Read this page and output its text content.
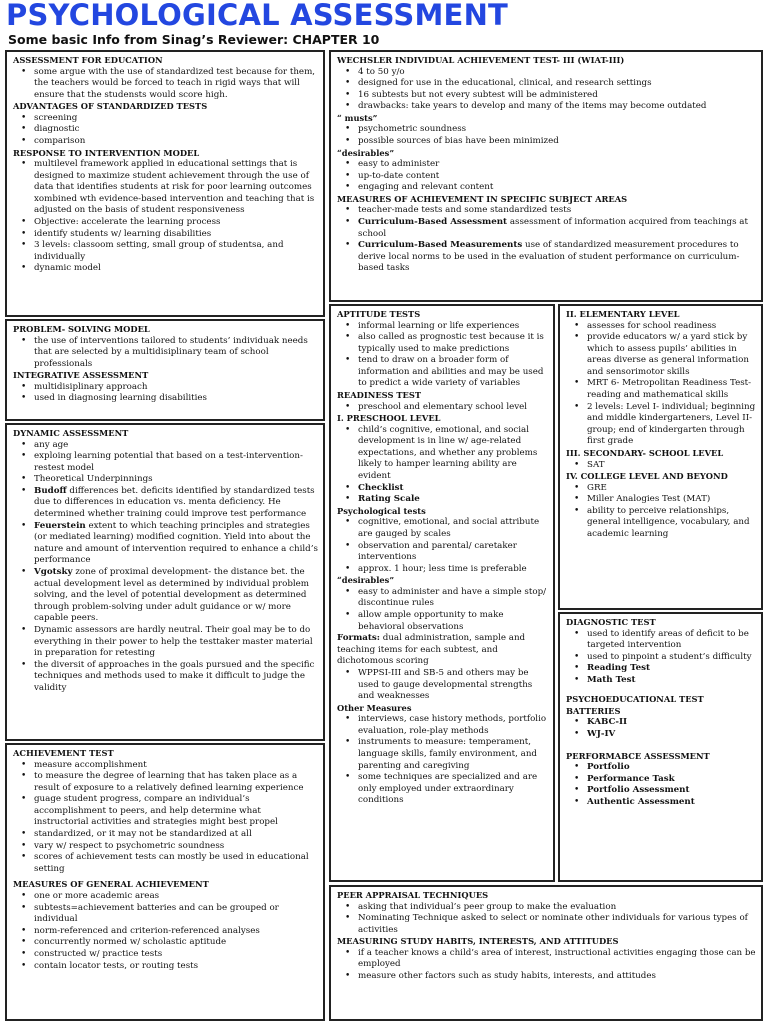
PSYCHOLOGICAL ASSESSMENT
Some basic Info from Sinag’s Reviewer: CHAPTER 10
ASSESSMENT FOR EDUCATION
• some argue with the use of standardized test because for them, the teachers would be forced to teach in rigid ways that will ensure that the studensts would score high.
ADVANTAGES OF STANDARDIZED TESTS
• screening
• diagnostic
• comparison
RESPONSE TO INTERVENTION MODEL
• multilevel framework applied in educational settings that is designed to maximize student achievement through the use of data that identifies students at risk for poor learning outcomes xombined wth evidence-based intervention and teaching that is adjusted on the basis of student responsiveness
• Objective: accelerate the learning process
• identify students w/ learning disabilities
• 3 levels: classoom setting, small group of studentsa, and individually
• dynamic model
PROBLEM- SOLVING MODEL
• the use of interventions tailored to students’ individuak needs that are selected by a multidisiplinary team of school professionals
INTEGRATIVE ASSESSMENT
• multidisiplinary approach
• used in diagnosing learning disabilities
DYNAMIC ASSESSMENT
• any age
• exploing learning potential that based on a test-intervention- restest model
• Theoretical Underpinnings
• Budoff differences bet. deficits identified by standardized tests due to differences in education vs. menta deficiency. He determined whether training could improve test performance
• Feuerstein extent to which teaching principles and strategies (or mediated learning) modified cognition. Yield into about the nature and amount of intervention required to enhance a child’s performance
• Vgotsky zone of proximal development- the distance bet. the actual development level as determined by individual problem solving, and the level of potential development as determined through problem-solving under adult guidance or w/ more capable peers.
• Dynamic assessors are hardly neutral. Their goal may be to do everything in their power to help the testtaker master material in preparation for retesting
• the diversit of approaches in the goals pursued and the specific techniques and methods used to make it difficult to judge the validity
ACHIEVEMENT TEST
• measure accomplishment
• to measure the degree of learning that has taken place as a result of exposure to a relatively defined learning experience
• guage student progress, compare an individual’s accomplishment to peers, and help determine what instructorial activities and strategies might best propel
• standardized, or it may not be standardized at all
• vary w/ respect to psychometric soundness
• scores of achievement tests can mostly be used in educational setting
MEASURES OF GENERAL ACHIEVEMENT
• one or more academic areas
• subtests=achievement batteries and can be grouped or individual
• norm-referenced and criterion-referenced analyses
• concurrently normed w/ scholastic aptitude
• constructed w/ practice tests
• contain locator tests, or routing tests
WECHSLER INDIVIDUAL ACHIEVEMENT TEST- III (WIAT-III)
• 4 to 50 y/o
• designed for use in the educational, clinical, and research settings
• 16 subtests but not every subtest will be administered
• drawbacks: take years to develop and many of the items may become outdated
“ musts”
• psychometric soundness
• possible sources of bias have been minimized
“desirables”
• easy to administer
• up-to-date content
• engaging and relevant content
MEASURES OF ACHIEVEMENT IN SPECIFIC SUBJECT AREAS
• teacher-made tests and some standardized tests
• Curriculum-Based Assessment assessment of information acquired from teachings at school
• Curriculum-Based Measurements use of standardized measurement procedures to derive local norms to be used in the evaluation of student performance on curriculum-based tasks
APTITUDE TESTS
• informal learning or life experiences
• also called as prognostic test because it is typically used to make predictions
• tend to draw on a broader form of information and abilities and may be used to predict a wide variety of variables
READINESS TEST
• preschool and elementary school level
I. PRESCHOOL LEVEL
• child’s cognitive, emotional, and social development is in line w/ age-related expectations, and whether any problems likely to hamper learning ability are evident
• Checklist
• Rating Scale
Psychological tests
• cognitive, emotional, and social attribute are gauged by scales
• observation and parental/ caretaker interventions
• approx. 1 hour; less time is preferable
“desirables”
• easy to administer and have a simple stop/ discontinue rules
• allow ample opportunity to make behavioral observations
Formats: dual administration, sample and teaching items for each subtest, and dichotomous scoring
• WPPSI-III and SB-5 and others may be used to gauge developmental strengths and weaknesses
Other Measures
• interviews, case history methods, portfolio evaluation, role-play methods
• instruments to measure: temperament, language skills, family environment, and parenting and caregiving
• some techniques are specialized and are only employed under extraordinary conditions
II. ELEMENTARY LEVEL
• assesses for school readiness
• provide educators w/ a yard stick by which to assess pupils’ abilities in areas diverse as general information and sensorimotor skills
• MRT 6- Metropolitan Readiness Test- reading and mathematical skills
• 2 levels: Level I- individual; beginning and middle kindergarteners, Level II- group; end of kindergarten through first grade
III. SECONDARY- SCHOOL LEVEL
• SAT
IV. COLLEGE LEVEL AND BEYOND
• GRE
• Miller Analogies Test (MAT)
• ability to perceive relationships, general intelligence, vocabulary, and academic learning
DIAGNOSTIC TEST
• used to identify areas of deficit to be targeted intervention
• used to pinpoint a student’s difficulty
• Reading Test
• Math Test
PSYCHOEDUCATIONAL TEST BATTERIES
• KABC-II
• WJ-IV
PERFORMABCE ASSESSMENT
• Portfolio
• Performance Task
• Portfolio Assessment
• Authentic Assessment
PEER APPRAISAL TECHNIQUES
• asking that individual’s peer group to make the evaluation
• Nominating Technique asked to select or nominate other individuals for various types of activities
MEASURING STUDY HABITS, INTERESTS, AND ATTITUDES
• if a teacher knows a child’s area of interest, instructional activities engaging those can be employed
• measure other factors such as study habits, interests, and attitudes
